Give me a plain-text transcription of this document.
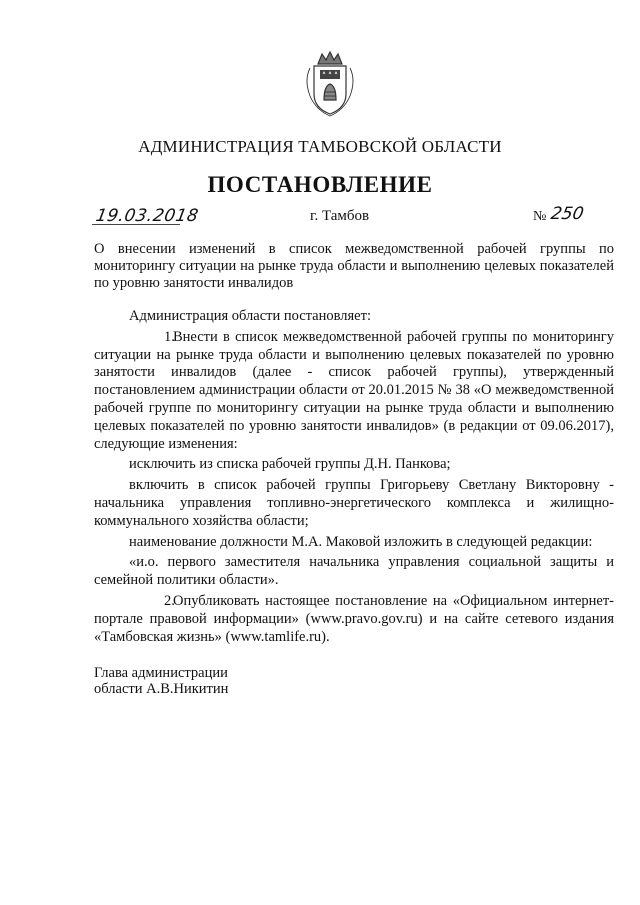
АДМИНИСТРАЦИЯ ТАМБОВСКОЙ ОБЛАСТИ
ПОСТАНОВЛЕНИЕ
19.03.2018	г. Тамбов	№ 250

О внесении изменений в список межведомственной рабочей группы по мониторингу ситуации на рынке труда области и выполнению целевых показателей по уровню занятости инвалидов

Администрация области постановляет:

1.Внести в список межведомственной рабочей группы по мониторингу ситуации на рынке труда области и выполнению целевых показателей по уровню занятости инвалидов (далее - список рабочей группы), утвержденный постановлением администрации области от 20.01.2015 № 38 «О межведомственной рабочей группе по мониторингу ситуации на рынке труда области и выполнению целевых показателей по уровню занятости инвалидов» (в редакции от 09.06.2017), следующие изменения:

исключить из списка рабочей группы Д.Н. Панкова;

включить в список рабочей группы Григорьеву Светлану Викторовну - начальника управления топливно-энергетического комплекса и жилищно-коммунального хозяйства области;

наименование должности М.А. Маковой изложить в следующей редакции:

«и.о. первого заместителя начальника управления социальной защиты и семейной политики области».

2.Опубликовать настоящее постановление на «Официальном интернет-портале правовой информации» (www.pravo.gov.ru) и на сайте сетевого издания «Тамбовская жизнь» (www.tamlife.ru).

Глава администрации
области А.В.Никитин
